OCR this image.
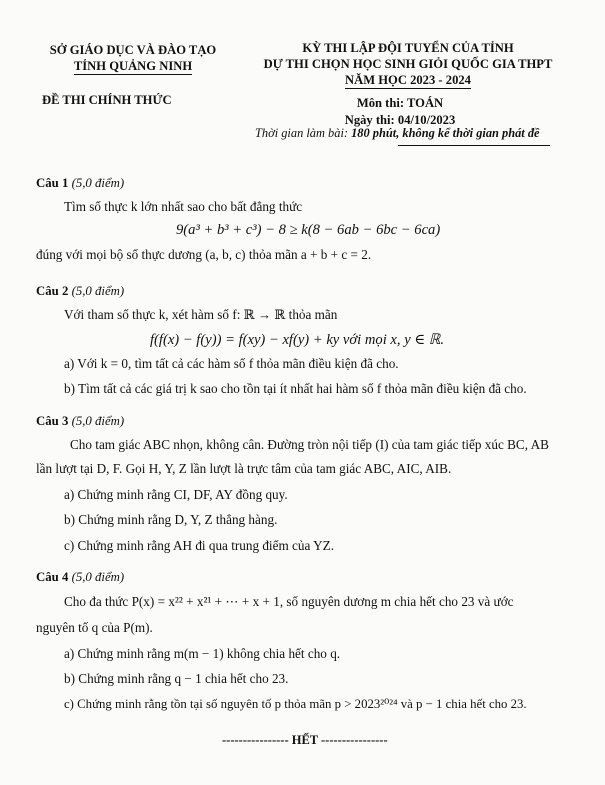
SỞ GIÁO DỤC VÀ ĐÀO TẠO
TỈNH QUẢNG NINH
ĐỀ THI CHÍNH THỨC
KỲ THI LẬP ĐỘI TUYỂN CỦA TỈNH
DỰ THI CHỌN HỌC SINH GIỎI QUỐC GIA THPT
NĂM HỌC 2023 - 2024
Môn thi: TOÁN
Ngày thi: 04/10/2023
Thời gian làm bài: 180 phút, không kể thời gian phát đề
Câu 1 (5,0 điểm)
Tìm số thực k lớn nhất sao cho bất đẳng thức
9(a³ + b³ + c³) − 8 ≥ k(8 − 6ab − 6bc − 6ca)
đúng với mọi bộ số thực dương (a, b, c) thỏa mãn a + b + c = 2.
Câu 2 (5,0 điểm)
Với tham số thực k, xét hàm số f: ℝ → ℝ thỏa mãn
f(f(x) − f(y)) = f(xy) − xf(y) + ky với mọi x, y ∈ ℝ.
a) Với k = 0, tìm tất cả các hàm số f thỏa mãn điều kiện đã cho.
b) Tìm tất cả các giá trị k sao cho tồn tại ít nhất hai hàm số f thỏa mãn điều kiện đã cho.
Câu 3 (5,0 điểm)
Cho tam giác ABC nhọn, không cân. Đường tròn nội tiếp (I) của tam giác tiếp xúc BC, AB
lần lượt tại D, F. Gọi H, Y, Z lần lượt là trực tâm của tam giác ABC, AIC, AIB.
a) Chứng minh rằng CI, DF, AY đồng quy.
b) Chứng minh rằng D, Y, Z thẳng hàng.
c) Chứng minh rằng AH đi qua trung điểm của YZ.
Câu 4 (5,0 điểm)
Cho đa thức P(x) = x²² + x²¹ + ⋯ + x + 1, số nguyên dương m chia hết cho 23 và ước
nguyên tố q của P(m).
a) Chứng minh rằng m(m − 1) không chia hết cho q.
b) Chứng minh rằng q − 1 chia hết cho 23.
c) Chứng minh rằng tồn tại số nguyên tố p thỏa mãn p > 2023²⁰²⁴ và p − 1 chia hết cho 23.
---------------- HẾT ----------------
